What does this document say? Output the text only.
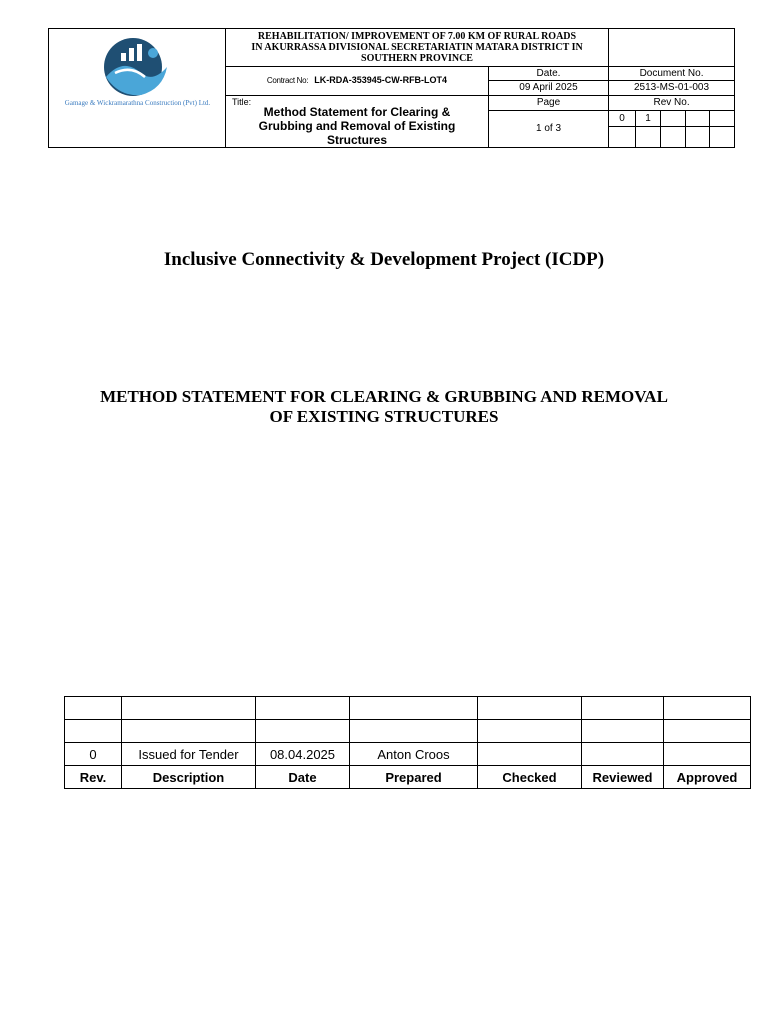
Gamage & Wickramarathna Construction (Pvt) Ltd.	REHABILITATION/ IMPROVEMENT OF 7.00 KM OF RURAL ROADS
IN AKURRASSA DIVISIONAL SECRETARIATIN MATARA DISTRICT IN
SOUTHERN PROVINCE						

	Contract No: LK-RDA-353945-CW-RFB-LOT4	Date.	Document No.				
		09 April 2025	2513-MS-01-003				

	Title:
Method Statement for Clearing &
Grubbing and Removal of Existing
Structures	Page	Rev No.				
		1 of 3	0	1			

Inclusive Connectivity & Development Project (ICDP)
METHOD STATEMENT FOR CLEARING & GRUBBING AND REMOVAL
OF EXISTING STRUCTURES

0	Issued for Tender	08.04.2025	Anton Croos			
Rev.	Description	Date	Prepared	Checked	Reviewed	Approved
